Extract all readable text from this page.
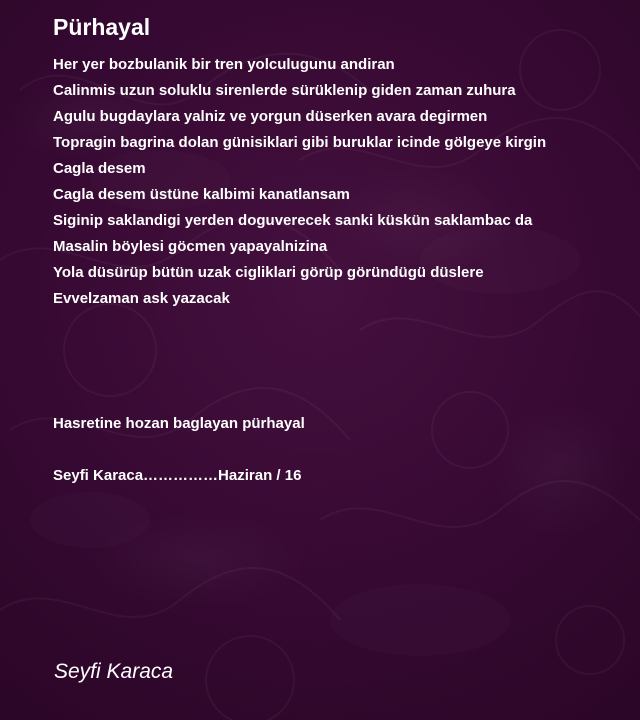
Pürhayal
Her yer bozbulanik bir tren yolculugunu andiran
Calinmis uzun soluklu sirenlerde sürüklenip giden zaman zuhura
Agulu bugdaylara yalniz ve yorgun düserken avara degirmen
Topragin bagrina dolan günisiklari gibi buruklar icinde gölgeye kirgin
Cagla desem
Cagla desem üstüne kalbimi kanatlansam
Siginip saklandigi yerden doguverecek sanki küskün saklambac da
Masalin böylesi göcmen yapayalnizina
Yola düsürüp bütün uzak cigliklari görüp göründügü düslere
Evvelzaman ask yazacak
Hasretine hozan baglayan pürhayal
Seyfi Karaca……………Haziran / 16
Seyfi Karaca
